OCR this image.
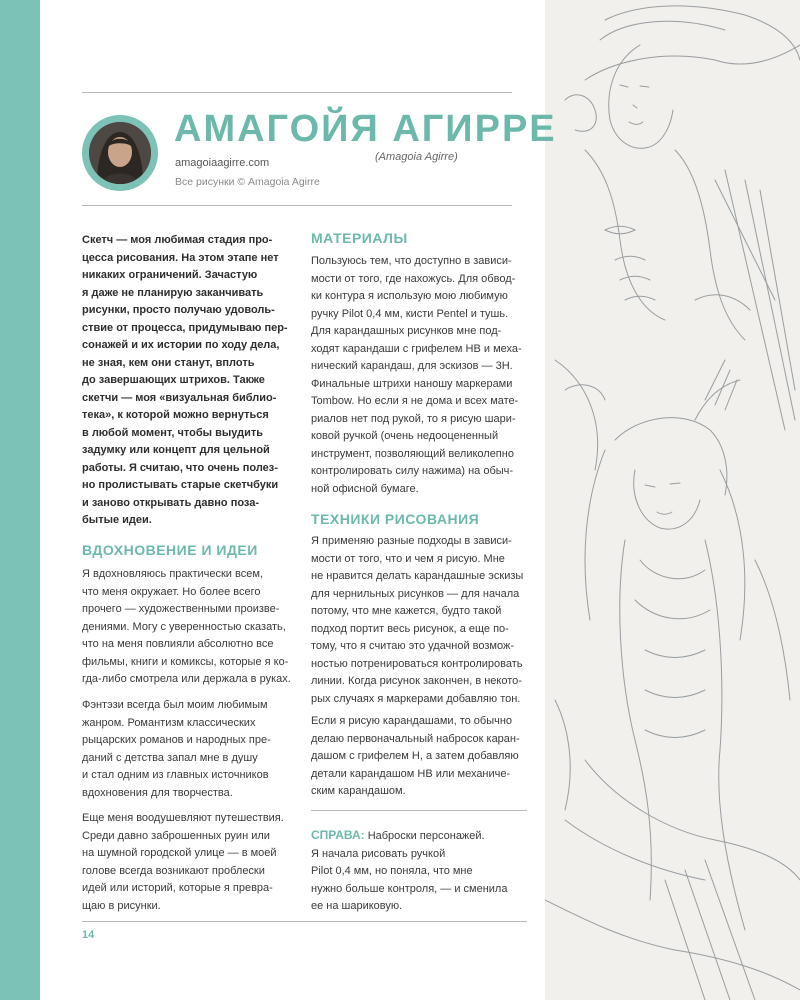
АМАГОЙЯ АГИРРЕ
(Amagoia Agirre)
amagoiaagirre.com
Все рисунки © Amagoia Agirre
Скетч — моя любимая стадия про-
цесса рисования. На этом этапе нет
никаких ограничений. Зачастую
я даже не планирую заканчивать
рисунки, просто получаю удоволь-
ствие от процесса, придумываю пер-
сонажей и их истории по ходу дела,
не зная, кем они станут, вплоть
до завершающих штрихов. Также
скетчи — моя «визуальная библио-
тека», к которой можно вернуться
в любой момент, чтобы выудить
задумку или концепт для цельной
работы. Я считаю, что очень полез-
но пролистывать старые скетчбуки
и заново открывать давно поза-
бытые идеи.
ВДОХНОВЕНИЕ И ИДЕИ
Я вдохновляюсь практически всем,
что меня окружает. Но более всего
прочего — художественными произве-
дениями. Могу с уверенностью сказать,
что на меня повлияли абсолютно все
фильмы, книги и комиксы, которые я ко-
гда-либо смотрела или держала в руках.
Фэнтэзи всегда был моим любимым
жанром. Романтизм классических
рыцарских романов и народных пре-
даний с детства запал мне в душу
и стал одним из главных источников
вдохновения для творчества.
Еще меня воодушевляют путешествия.
Среди давно заброшенных руин или
на шумной городской улице — в моей
голове всегда возникают проблески
идей или историй, которые я превра-
щаю в рисунки.
МАТЕРИАЛЫ
Пользуюсь тем, что доступно в зависи-
мости от того, где нахожусь. Для обвод-
ки контура я использую мою любимую
ручку Pilot 0,4 мм, кисти Pentel и тушь.
Для карандашных рисунков мне под-
ходят карандаши с грифелем НВ и меха-
нический карандаш, для эскизов — 3Н.
Финальные штрихи наношу маркерами
Tombow. Но если я не дома и всех мате-
риалов нет под рукой, то я рисую шари-
ковой ручкой (очень недооцененный
инструмент, позволяющий великолепно
контролировать силу нажима) на обыч-
ной офисной бумаге.
ТЕХНИКИ РИСОВАНИЯ
Я применяю разные подходы в зависи-
мости от того, что и чем я рисую. Мне
не нравится делать карандашные эскизы
для чернильных рисунков — для начала
потому, что мне кажется, будто такой
подход портит весь рисунок, а еще по-
тому, что я считаю это удачной возмож-
ностью потренироваться контролировать
линии. Когда рисунок закончен, в некото-
рых случаях я маркерами добавляю тон.
Если я рисую карандашами, то обычно
делаю первоначальный набросок каран-
дашом с грифелем Н, а затем добавляю
детали карандашом НВ или механиче-
ским карандашом.
СПРАВА: Наброски персонажей.
Я начала рисовать ручкой
Pilot 0,4 мм, но поняла, что мне
нужно больше контроля, — и сменила
ее на шариковую.
14
